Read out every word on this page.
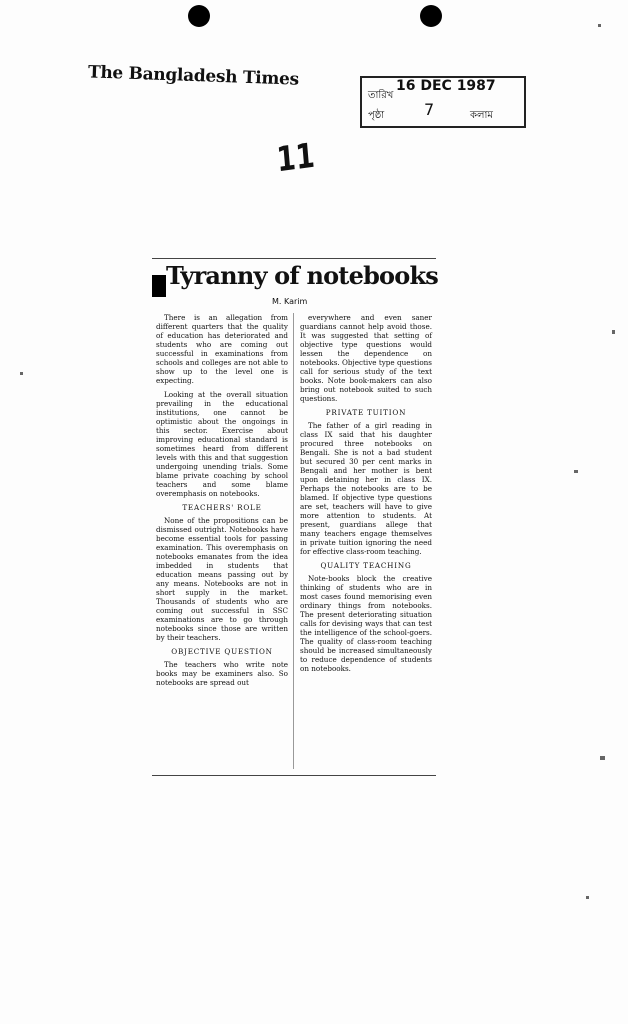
The Bangladesh Times
তারিখ
16 DEC 1987
পৃষ্ঠা 7	কলাম
11
Tyranny of notebooks
M. Karim

There is an allegation from different quarters that the quality of education has deteriorated and students who are coming out successful in examinations from schools and colleges are not able to show up to the level one is expecting.

Looking at the overall situation prevailing in the educational institutions, one cannot be optimistic about the ongoings in this sector. Exercise about improving educational standard is sometimes heard from different levels with this and that suggestion undergoing unending trials. Some blame private coaching by school teachers and some blame overemphasis on notebooks.

TEACHERS' ROLE

None of the propositions can be dismissed outright. Notebooks have become essential tools for passing examination. This overemphasis on notebooks emanates from the idea imbedded in students that education means passing out by any means. Notebooks are not in short supply in the market. Thousands of students who are coming out successful in SSC examinations are to go through notebooks since those are written by their teachers.

OBJECTIVE QUESTION

The teachers who write note books may be examiners also. So notebooks are spread out

everywhere and even saner guardians cannot help avoid those. It was suggested that setting of objective type questions would lessen the dependence on notebooks. Objective type questions call for serious study of the text books. Note book-makers can also bring out notebook suited to such questions.

PRIVATE TUITION

The father of a girl reading in class IX said that his daughter procured three notebooks on Bengali. She is not a bad student but secured 30 per cent marks in Bengali and her mother is bent upon detaining her in class IX. Perhaps the notebooks are to be blamed. If objective type questions are set, teachers will have to give more attention to students. At present, guardians allege that many teachers engage themselves in private tuition ignoring the need for effective class-room teaching.

QUALITY TEACHING

Note-books block the creative thinking of students who are in most cases found memorising even ordinary things from notebooks. The present deteriorating situation calls for devising ways that can test the intelligence of the school-goers. The quality of class-room teaching should be increased simultaneously to reduce dependence of students on notebooks.
